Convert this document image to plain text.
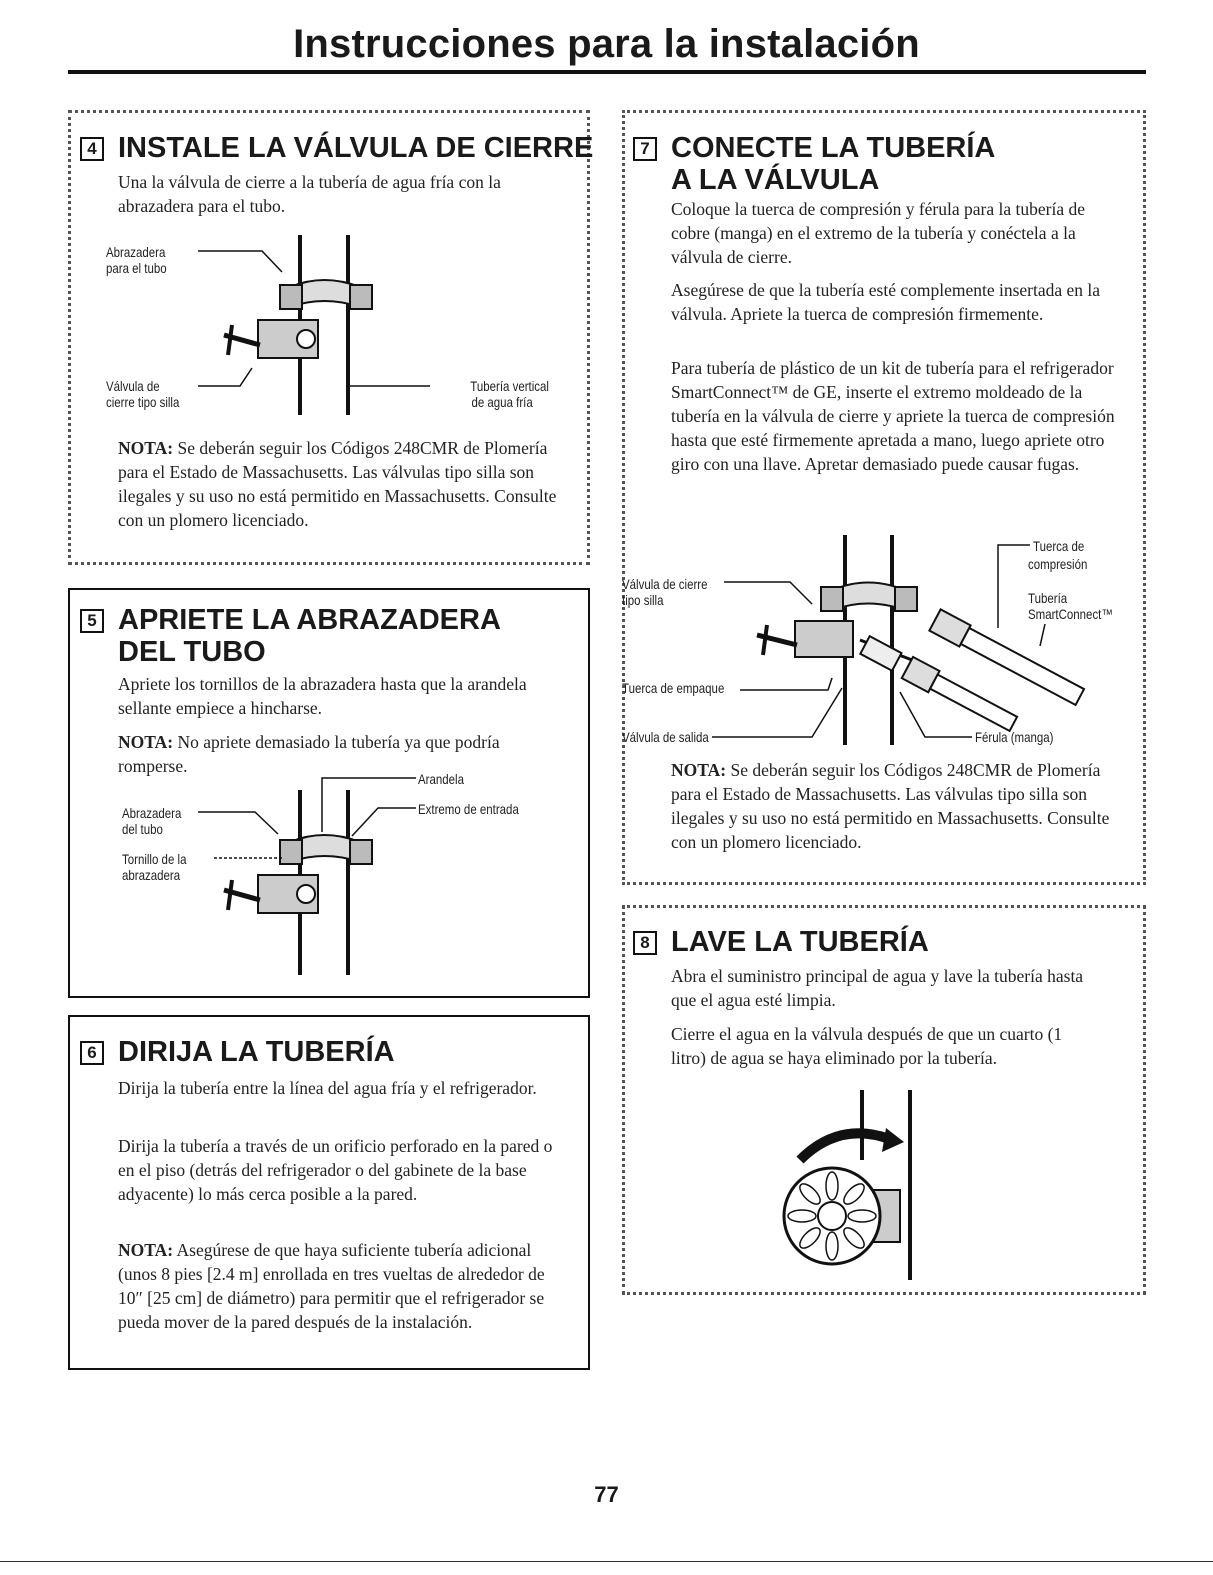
Instrucciones para la instalación
4 INSTALE LA VÁLVULA DE CIERRE

Una la válvula de cierre a la tubería de agua fría con la abrazadera para el tubo.

Abrazadera
para el tubo
Válvula de
cierre tipo silla
Tubería vertical
de agua fría

NOTA: Se deberán seguir los Códigos 248CMR de Plomería para el Estado de Massachusetts. Las válvulas tipo silla son ilegales y su uso no está permitido en Massachusetts. Consulte con un plomero licenciado.

5 APRIETE LA ABRAZADERA
DEL TUBO

Apriete los tornillos de la abrazadera hasta que la arandela sellante empiece a hincharse.

NOTA: No apriete demasiado la tubería ya que podría romperse.

Arandela
Extremo de entrada
Abrazadera
del tubo
Tornillo de la
abrazadera
6 DIRIJA LA TUBERÍA

Dirija la tubería entre la línea del agua fría y el refrigerador.

Dirija la tubería a través de un orificio perforado en la pared o en el piso (detrás del refrigerador o del gabinete de la base adyacente) lo más cerca posible a la pared.

NOTA: Asegúrese de que haya suficiente tubería adicional (unos 8 pies [2.4 m] enrollada en tres vueltas de alrededor de 10″ [25 cm] de diámetro) para permitir que el refrigerador se pueda mover de la pared después de la instalación.

7 CONECTE LA TUBERÍA
A LA VÁLVULA

Coloque la tuerca de compresión y férula para la tubería de cobre (manga) en el extremo de la tubería y conéctela a la válvula de cierre.

Asegúrese de que la tubería esté complemente insertada en la válvula. Apriete la tuerca de compresión firmemente.

Para tubería de plástico de un kit de tubería para el refrigerador SmartConnect™ de GE, inserte el extremo moldeado de la tubería en la válvula de cierre y apriete la tuerca de compresión hasta que esté firmemente apretada a mano, luego apriete otro giro con una llave. Apretar demasiado puede causar fugas.

Válvula de cierre
tipo silla
Tuerca de
compresión
Tubería
SmartConnect™
Tuerca de empaque
Válvula de salida	Férula (manga)

NOTA: Se deberán seguir los Códigos 248CMR de Plomería para el Estado de Massachusetts. Las válvulas tipo silla son ilegales y su uso no está permitido en Massachusetts. Consulte con un plomero licenciado.

8 LAVE LA TUBERÍA

Abra el suministro principal de agua y lave la tubería hasta que el agua esté limpia.

Cierre el agua en la válvula después de que un cuarto (1 litro) de agua se haya eliminado por la tubería.

77
